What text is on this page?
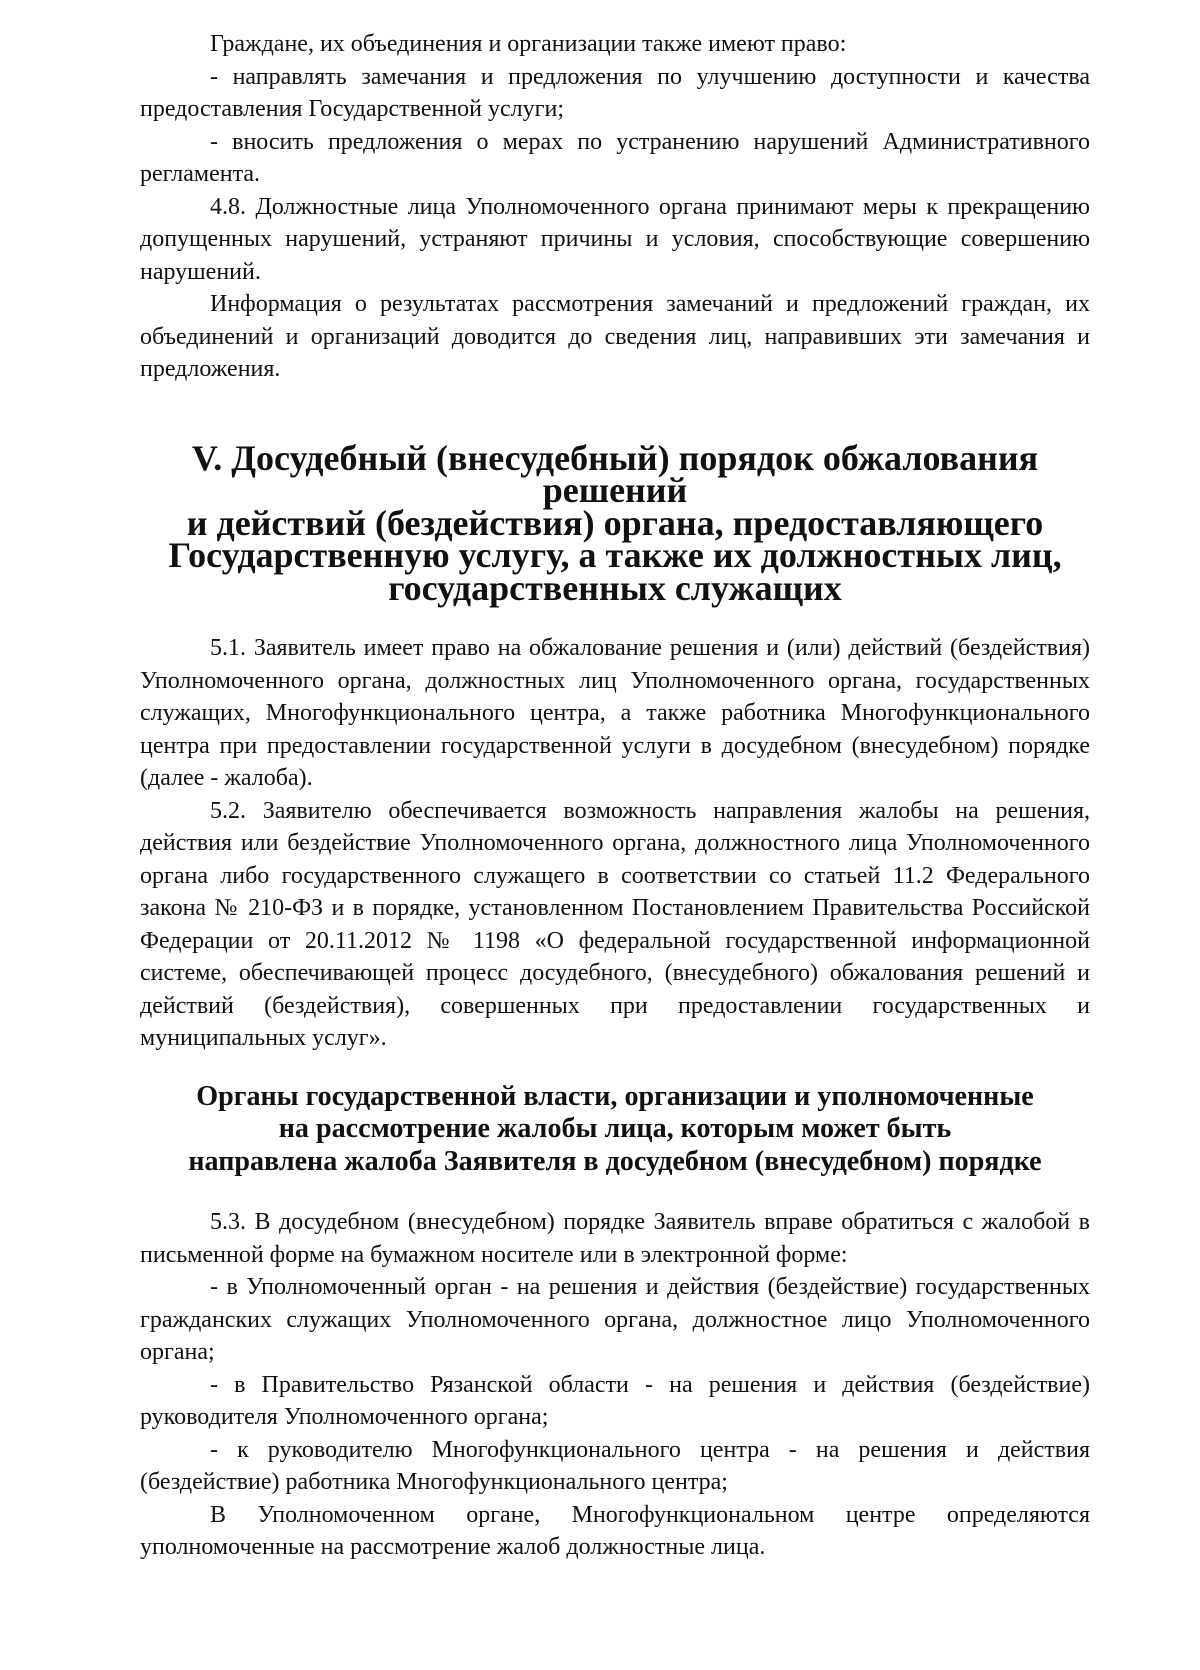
Граждане, их объединения и организации также имеют право:

- направлять замечания и предложения по улучшению доступности и качества предоставления Государственной услуги;

- вносить предложения о мерах по устранению нарушений Административного регламента.

4.8. Должностные лица Уполномоченного органа принимают меры к прекращению допущенных нарушений, устраняют причины и условия, способствующие совершению нарушений.

Информация о результатах рассмотрения замечаний и предложений граждан, их объединений и организаций доводится до сведения лиц, направивших эти замечания и предложения.

V. Досудебный (внесудебный) порядок обжалования решений
и действий (бездействия) органа, предоставляющего
Государственную услугу, а также их должностных лиц,
государственных служащих

5.1. Заявитель имеет право на обжалование решения и (или) действий (бездействия) Уполномоченного органа, должностных лиц Уполномоченного органа, государственных служащих, Многофункционального центра, а также работника Многофункционального центра при предоставлении государственной услуги в досудебном (внесудебном) порядке (далее - жалоба).

5.2. Заявителю обеспечивается возможность направления жалобы на решения, действия или бездействие Уполномоченного органа, должностного лица Уполномоченного органа либо государственного служащего в соответствии со статьей 11.2 Федерального закона № 210-ФЗ и в порядке, установленном Постановлением Правительства Российской Федерации от 20.11.2012 № 1198 «О федеральной государственной информационной системе, обеспечивающей процесс досудебного, (внесудебного) обжалования решений и действий (бездействия), совершенных при предоставлении государственных и муниципальных услуг».

Органы государственной власти, организации и уполномоченные
на рассмотрение жалобы лица, которым может быть
направлена жалоба Заявителя в досудебном (внесудебном) порядке

5.3. В досудебном (внесудебном) порядке Заявитель вправе обратиться с жалобой в письменной форме на бумажном носителе или в электронной форме:

- в Уполномоченный орган - на решения и действия (бездействие) государственных гражданских служащих Уполномоченного органа, должностное лицо Уполномоченного органа;

- в Правительство Рязанской области - на решения и действия (бездействие) руководителя Уполномоченного органа;

- к руководителю Многофункционального центра - на решения и действия (бездействие) работника Многофункционального центра;

В Уполномоченном органе, Многофункциональном центре определяются уполномоченные на рассмотрение жалоб должностные лица.
